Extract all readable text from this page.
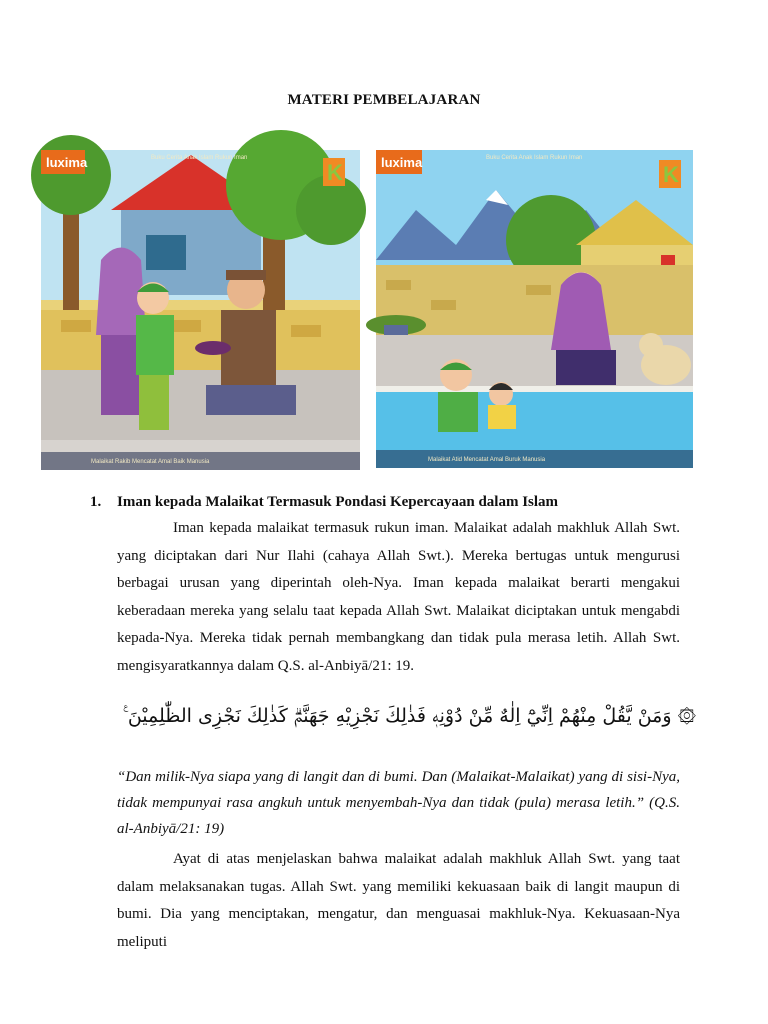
MATERI PEMBELAJARAN
luxima	K
Buku Cerita Anak Islam Rukun Iman
Malaikat Rakib Mencatat Amal Baik Manusia
luxima	K
Buku Cerita Anak Islam Rukun Iman
Malaikat Atid Mencatat Amal Buruk Manusia
1. Iman kepada Malaikat Termasuk Pondasi Kepercayaan dalam Islam

Iman kepada malaikat termasuk rukun iman. Malaikat adalah makhluk Allah Swt. yang diciptakan dari Nur Ilahi (cahaya Allah Swt.). Mereka bertugas untuk mengurusi berbagai urusan yang diperintah oleh-Nya. Iman kepada malaikat berarti mengakui keberadaan mereka yang selalu taat kepada Allah Swt. Malaikat diciptakan untuk mengabdi kepada-Nya. Mereka tidak pernah membangkang dan tidak pula merasa letih. Allah Swt. mengisyaratkannya dalam Q.S. al-Anbiyā/21: 19.

۞ وَمَنْ يَّقُلْ مِنْهُمْ اِنِّيْٓ اِلٰهٌ مِّنْ دُوْنِهٖ فَذٰلِكَ نَجْزِيْهِ جَهَنَّمَۗ كَذٰلِكَ نَجْزِى الظّٰلِمِيْنَ ࣖ

“Dan milik-Nya siapa yang di langit dan di bumi. Dan (Malaikat-Malaikat) yang di sisi-Nya, tidak mempunyai rasa angkuh untuk menyembah-Nya dan tidak (pula) merasa letih.” (Q.S. al-Anbiyā/21: 19)

Ayat di atas menjelaskan bahwa malaikat adalah makhluk Allah Swt. yang taat dalam melaksanakan tugas. Allah Swt. yang memiliki kekuasaan baik di langit maupun di bumi. Dia yang menciptakan, mengatur, dan menguasai makhluk-Nya. Kekuasaan-Nya meliputi
